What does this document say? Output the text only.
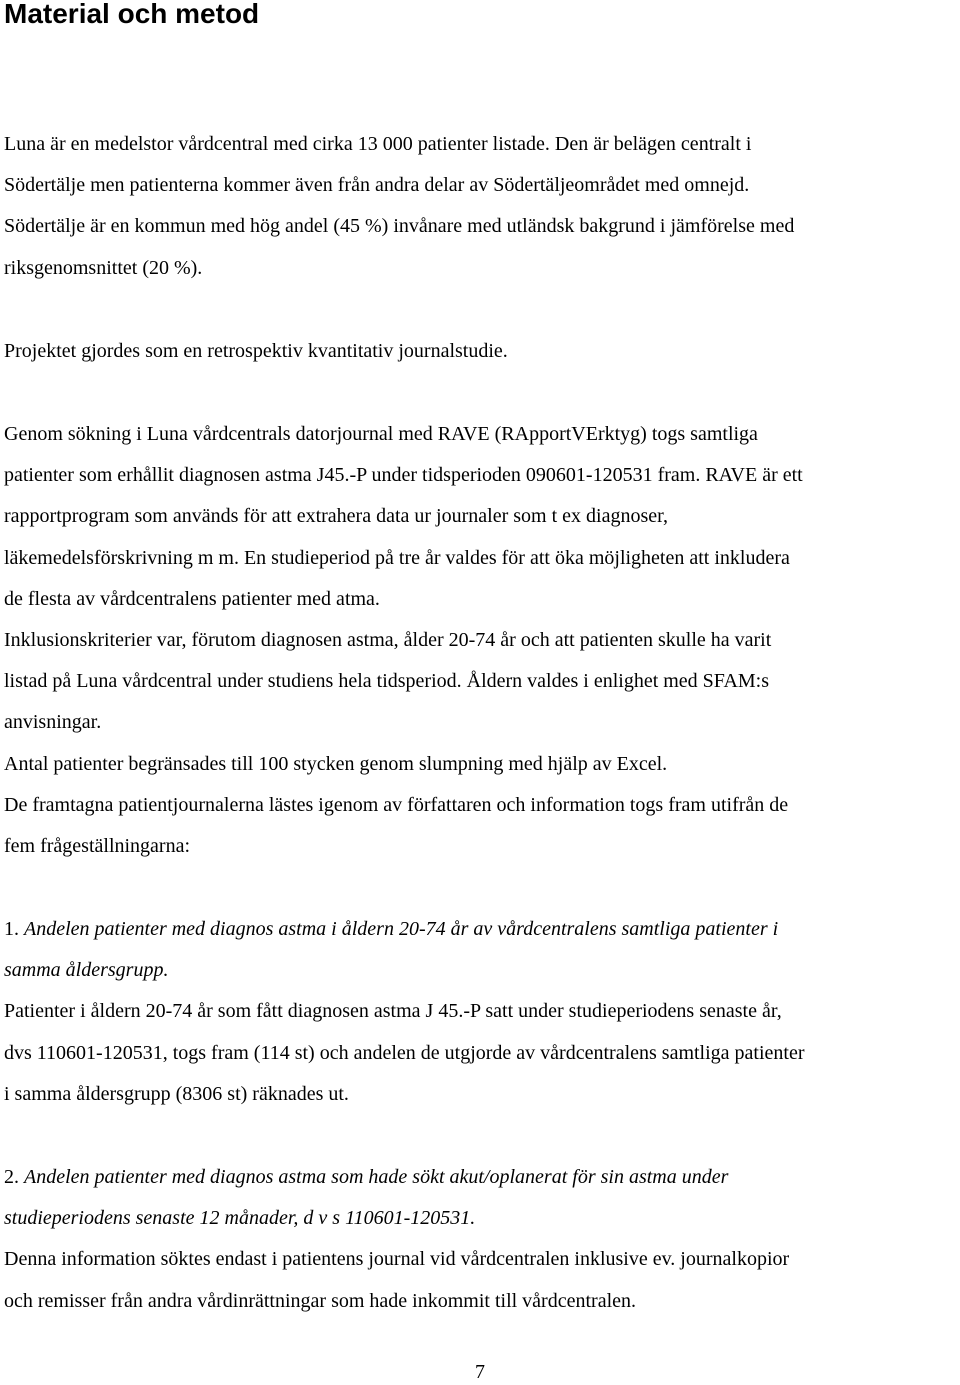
Material och metod
Luna är en medelstor vårdcentral med cirka 13 000 patienter listade. Den är belägen centralt i
Södertälje men patienterna kommer även från andra delar av Södertäljeområdet med omnejd.
Södertälje är en kommun med hög andel (45 %) invånare med utländsk bakgrund i jämförelse med
riksgenomsnittet (20 %).
Projektet gjordes som en retrospektiv kvantitativ journalstudie.
Genom sökning i Luna vårdcentrals datorjournal med RAVE (RApportVErktyg) togs samtliga
patienter som erhållit diagnosen astma J45.-P under tidsperioden 090601-120531 fram. RAVE är ett
rapportprogram som används för att extrahera data ur journaler som t ex diagnoser,
läkemedelsförskrivning m m. En studieperiod på tre år valdes för att öka möjligheten att inkludera
de flesta av vårdcentralens patienter med atma.
Inklusionskriterier var, förutom diagnosen astma, ålder 20-74 år och att patienten skulle ha varit
listad på Luna vårdcentral under studiens hela tidsperiod. Åldern valdes i enlighet med SFAM:s
anvisningar.
Antal patienter begränsades till 100 stycken genom slumpning med hjälp av Excel.
De framtagna patientjournalerna lästes igenom av författaren och information togs fram utifrån de
fem frågeställningarna:
1. Andelen patienter med diagnos astma i åldern 20-74 år av vårdcentralens samtliga patienter i
samma åldersgrupp.
Patienter i åldern 20-74 år som fått diagnosen astma J 45.-P satt under studieperiodens senaste år,
dvs 110601-120531, togs fram (114 st) och andelen de utgjorde av vårdcentralens samtliga patienter
i samma åldersgrupp (8306 st) räknades ut.
2. Andelen patienter med diagnos astma som hade sökt akut/oplanerat för sin astma under
studieperiodens senaste 12 månader, d v s 110601-120531.
Denna information söktes endast i patientens journal vid vårdcentralen inklusive ev. journalkopior
och remisser från andra vårdinrättningar som hade inkommit till vårdcentralen.
7
